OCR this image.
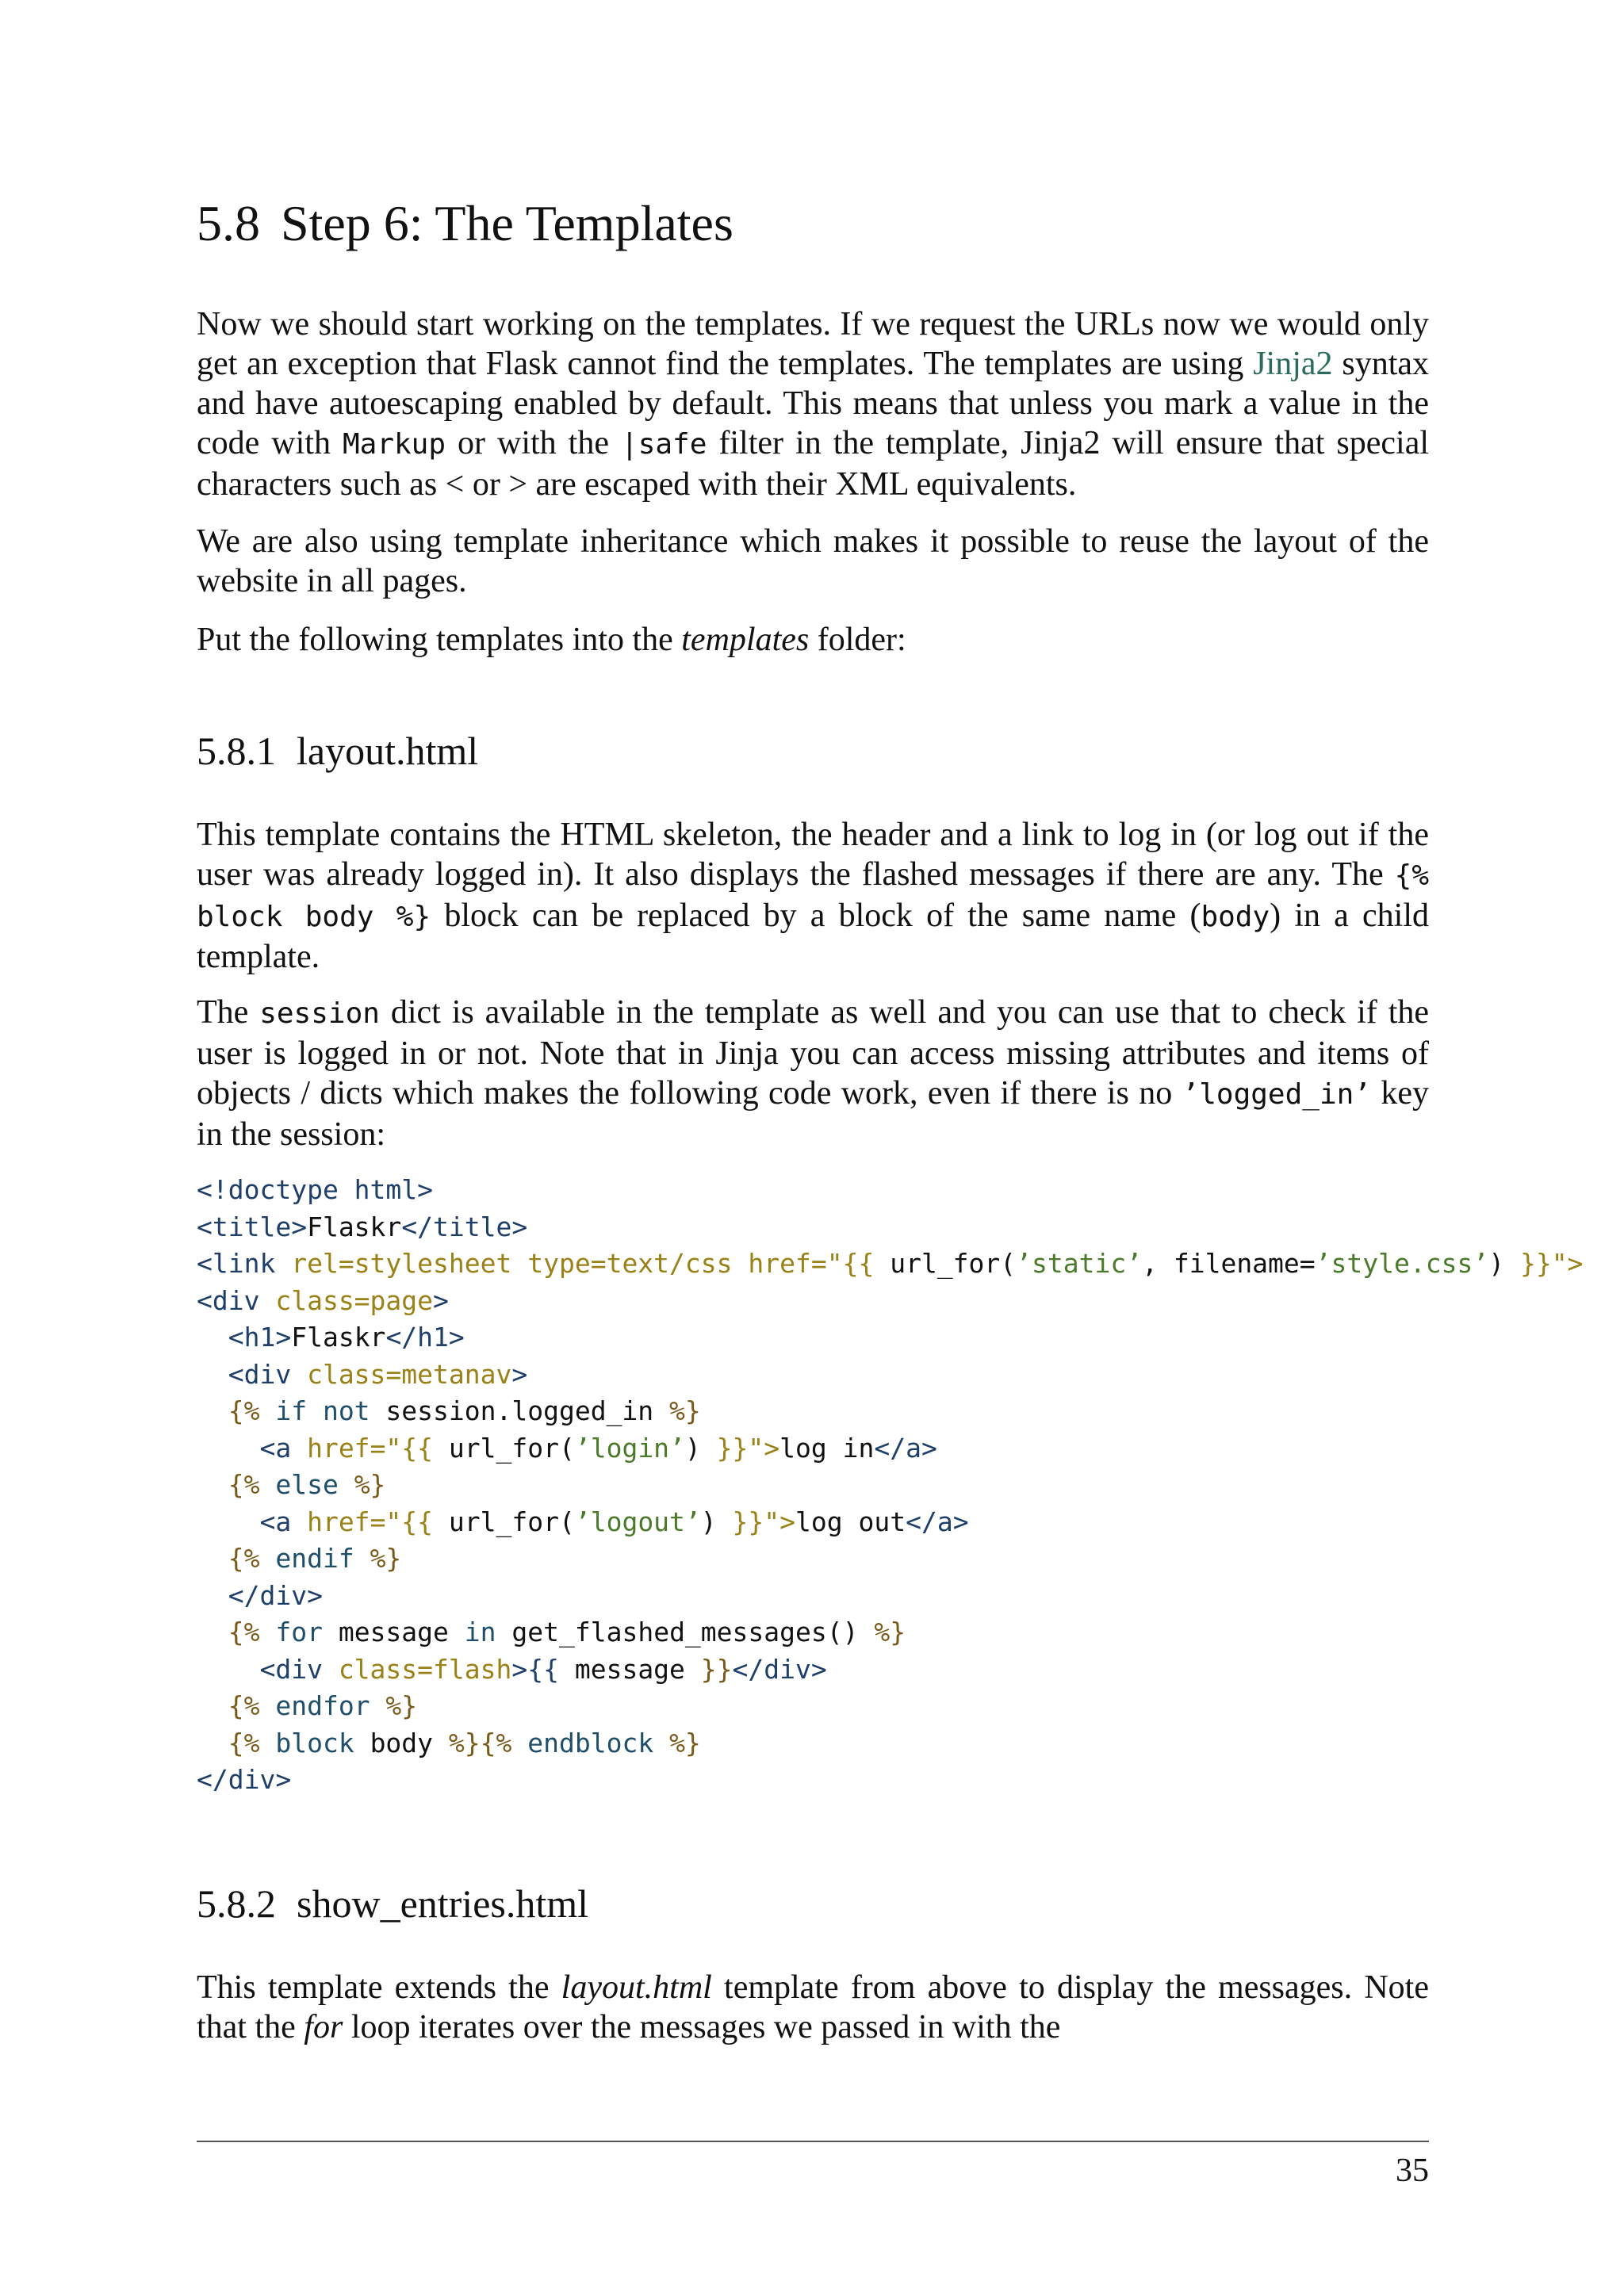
5.8 Step 6: The Templates

Now we should start working on the templates. If we request the URLs now we would only get an exception that Flask cannot find the templates. The templates are using Jinja2 syntax and have autoescaping enabled by default. This means that unless you mark a value in the code with Markup or with the |safe filter in the template, Jinja2 will ensure that special characters such as < or > are escaped with their XML equivalents.

We are also using template inheritance which makes it possible to reuse the layout of the website in all pages.

Put the following templates into the templates folder:

5.8.1 layout.html

This template contains the HTML skeleton, the header and a link to log in (or log out if the user was already logged in). It also displays the flashed messages if there are any. The {% block body %} block can be replaced by a block of the same name (body) in a child template.

The session dict is available in the template as well and you can use that to check if the user is logged in or not. Note that in Jinja you can access missing attributes and items of objects / dicts which makes the following code work, even if there is no ’logged_in’ key in the session:

<!doctype html>
<title>Flaskr</title>
<link rel=stylesheet type=text/css href="{{ url_for(’static’, filename=’style.css’) }}">
<div class=page>
<h1>Flaskr</h1>
<div class=metanav>
{% if not session.logged_in %}
<a href="{{ url_for(’login’) }}">log in</a>
{% else %}
<a href="{{ url_for(’logout’) }}">log out</a>
{% endif %}
</div>
{% for message in get_flashed_messages() %}
<div class=flash>{{ message }}</div>
{% endfor %}
{% block body %}{% endblock %}
</div>
5.8.2 show_entries.html

This template extends the layout.html template from above to display the messages. Note that the for loop iterates over the messages we passed in with the

35
